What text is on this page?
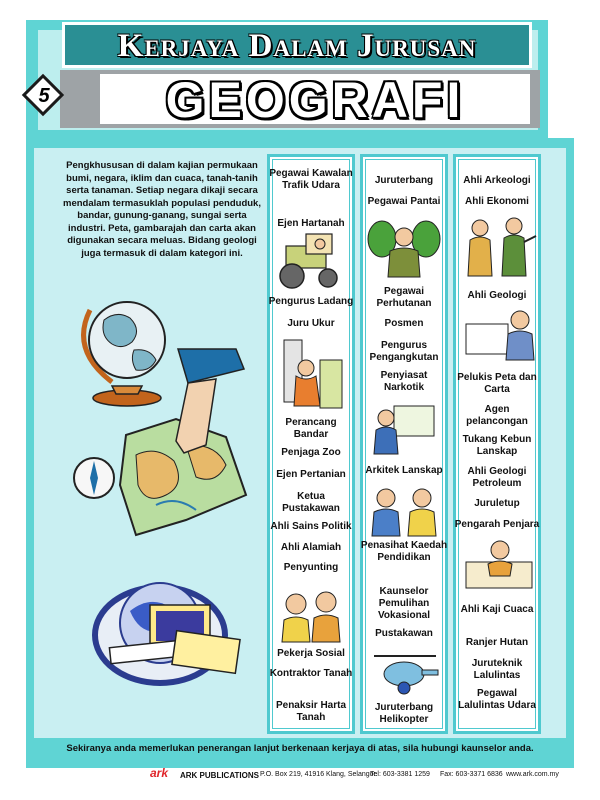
Kerjaya Dalam Jurusan
GEOGRAFI
5
Pengkhususan di dalam kajian permukaan bumi, negara, iklim dan cuaca, tanah-tanih serta tanaman. Setiap negara dikaji secara mendalam termasuklah populasi penduduk, bandar, gunung-ganang, sungai serta industri. Peta, gambarajah dan carta akan digunakan secara meluas. Bidang geologi juga termasuk di dalam kategori ini.
Pegawai Kawalan Trafik Udara
Ejen Hartanah
Pengurus Ladang
Juru Ukur
Perancang Bandar
Penjaga Zoo
Ejen Pertanian
Ketua Pustakawan
Ahli Sains Politik
Ahli Alamiah
Penyunting
Pekerja Sosial
Kontraktor Tanah
Penaksir Harta Tanah
Juruterbang
Pegawai Pantai
Pegawai Perhutanan
Posmen
Pengurus Pengangkutan
Penyiasat Narkotik
Arkitek Lanskap
Penasihat Kaedah Pendidikan
Kaunselor Pemulihan Vokasional
Pustakawan
Juruterbang Helikopter
Ahli Arkeologi
Ahli Ekonomi
Ahli Geologi
Pelukis Peta dan Carta
Agen pelancongan
Tukang Kebun Lanskap
Ahli Geologi Petroleum
Juruletup
Pengarah Penjara
Ahli Kaji Cuaca
Ranjer Hutan
Juruteknik Lalulintas
Pegawal Lalulintas Udara
Sekiranya anda memerlukan penerangan lanjut berkenaan kerjaya di atas, sila hubungi kaunselor anda.
ark ARK PUBLICATIONS P.O. Box 219, 41916 Klang, Selangor.
Tel: 603-3381 1259 Fax: 603-3371 6836 www.ark.com.my
